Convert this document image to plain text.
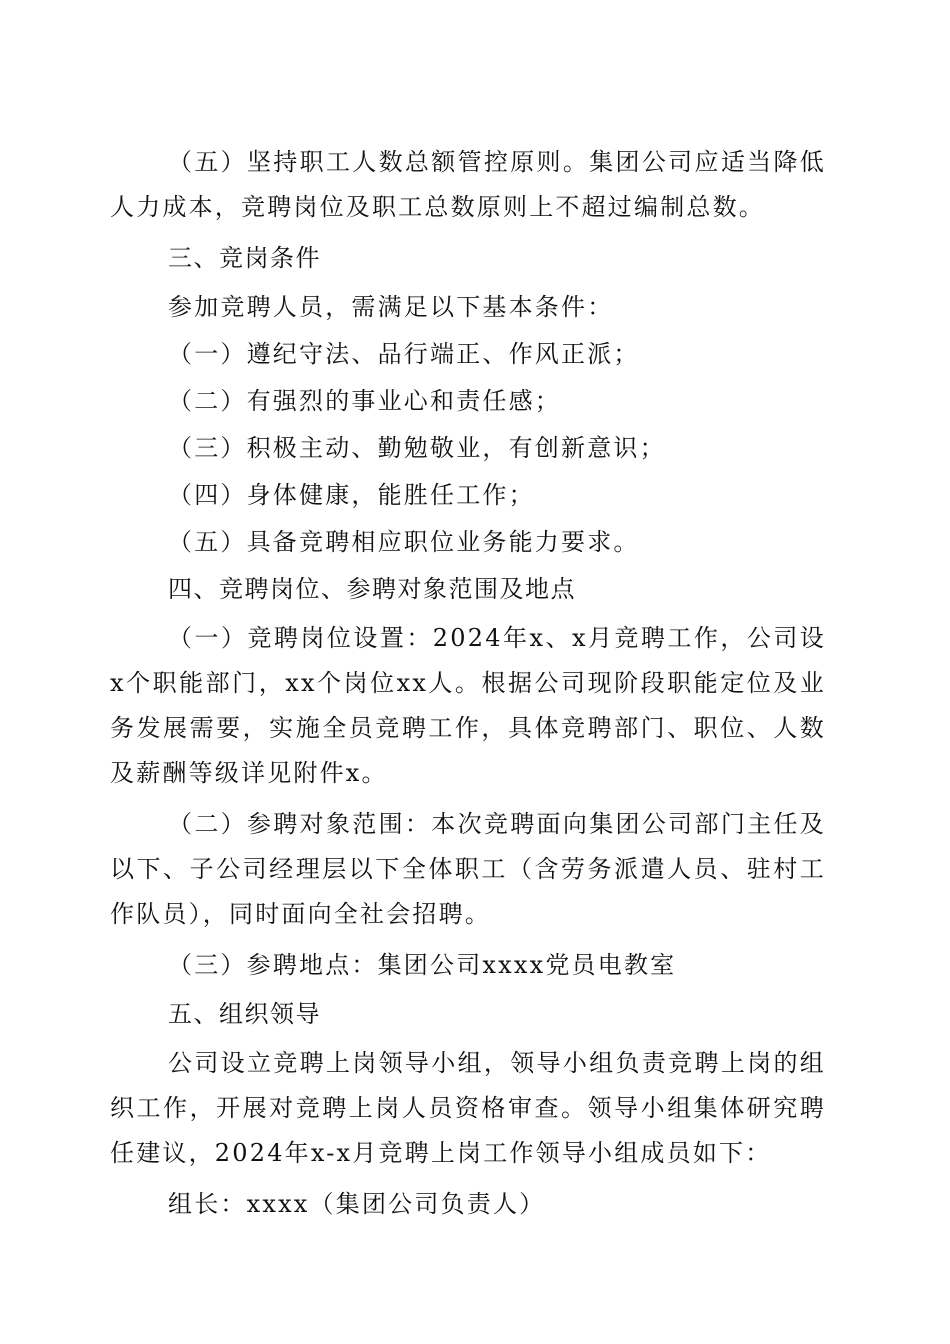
（五）坚持职工人数总额管控原则。集团公司应适当降低人力成本，竞聘岗位及职工总数原则上不超过编制总数。

三、竞岗条件

参加竞聘人员，需满足以下基本条件：

（一）遵纪守法、品行端正、作风正派；

（二）有强烈的事业心和责任感；

（三）积极主动、勤勉敬业，有创新意识；

（四）身体健康，能胜任工作；

（五）具备竞聘相应职位业务能力要求。

四、竞聘岗位、参聘对象范围及地点

（一）竞聘岗位设置：2024年x、x月竞聘工作，公司设x个职能部门，xx个岗位xx人。根据公司现阶段职能定位及业务发展需要，实施全员竞聘工作，具体竞聘部门、职位、人数及薪酬等级详见附件x。

（二）参聘对象范围：本次竞聘面向集团公司部门主任及以下、子公司经理层以下全体职工（含劳务派遣人员、驻村工作队员），同时面向全社会招聘。

（三）参聘地点：集团公司xxxx党员电教室

五、组织领导

公司设立竞聘上岗领导小组，领导小组负责竞聘上岗的组织工作，开展对竞聘上岗人员资格审查。领导小组集体研究聘任建议，2024年x-x月竞聘上岗工作领导小组成员如下：

组长：xxxx（集团公司负责人）
